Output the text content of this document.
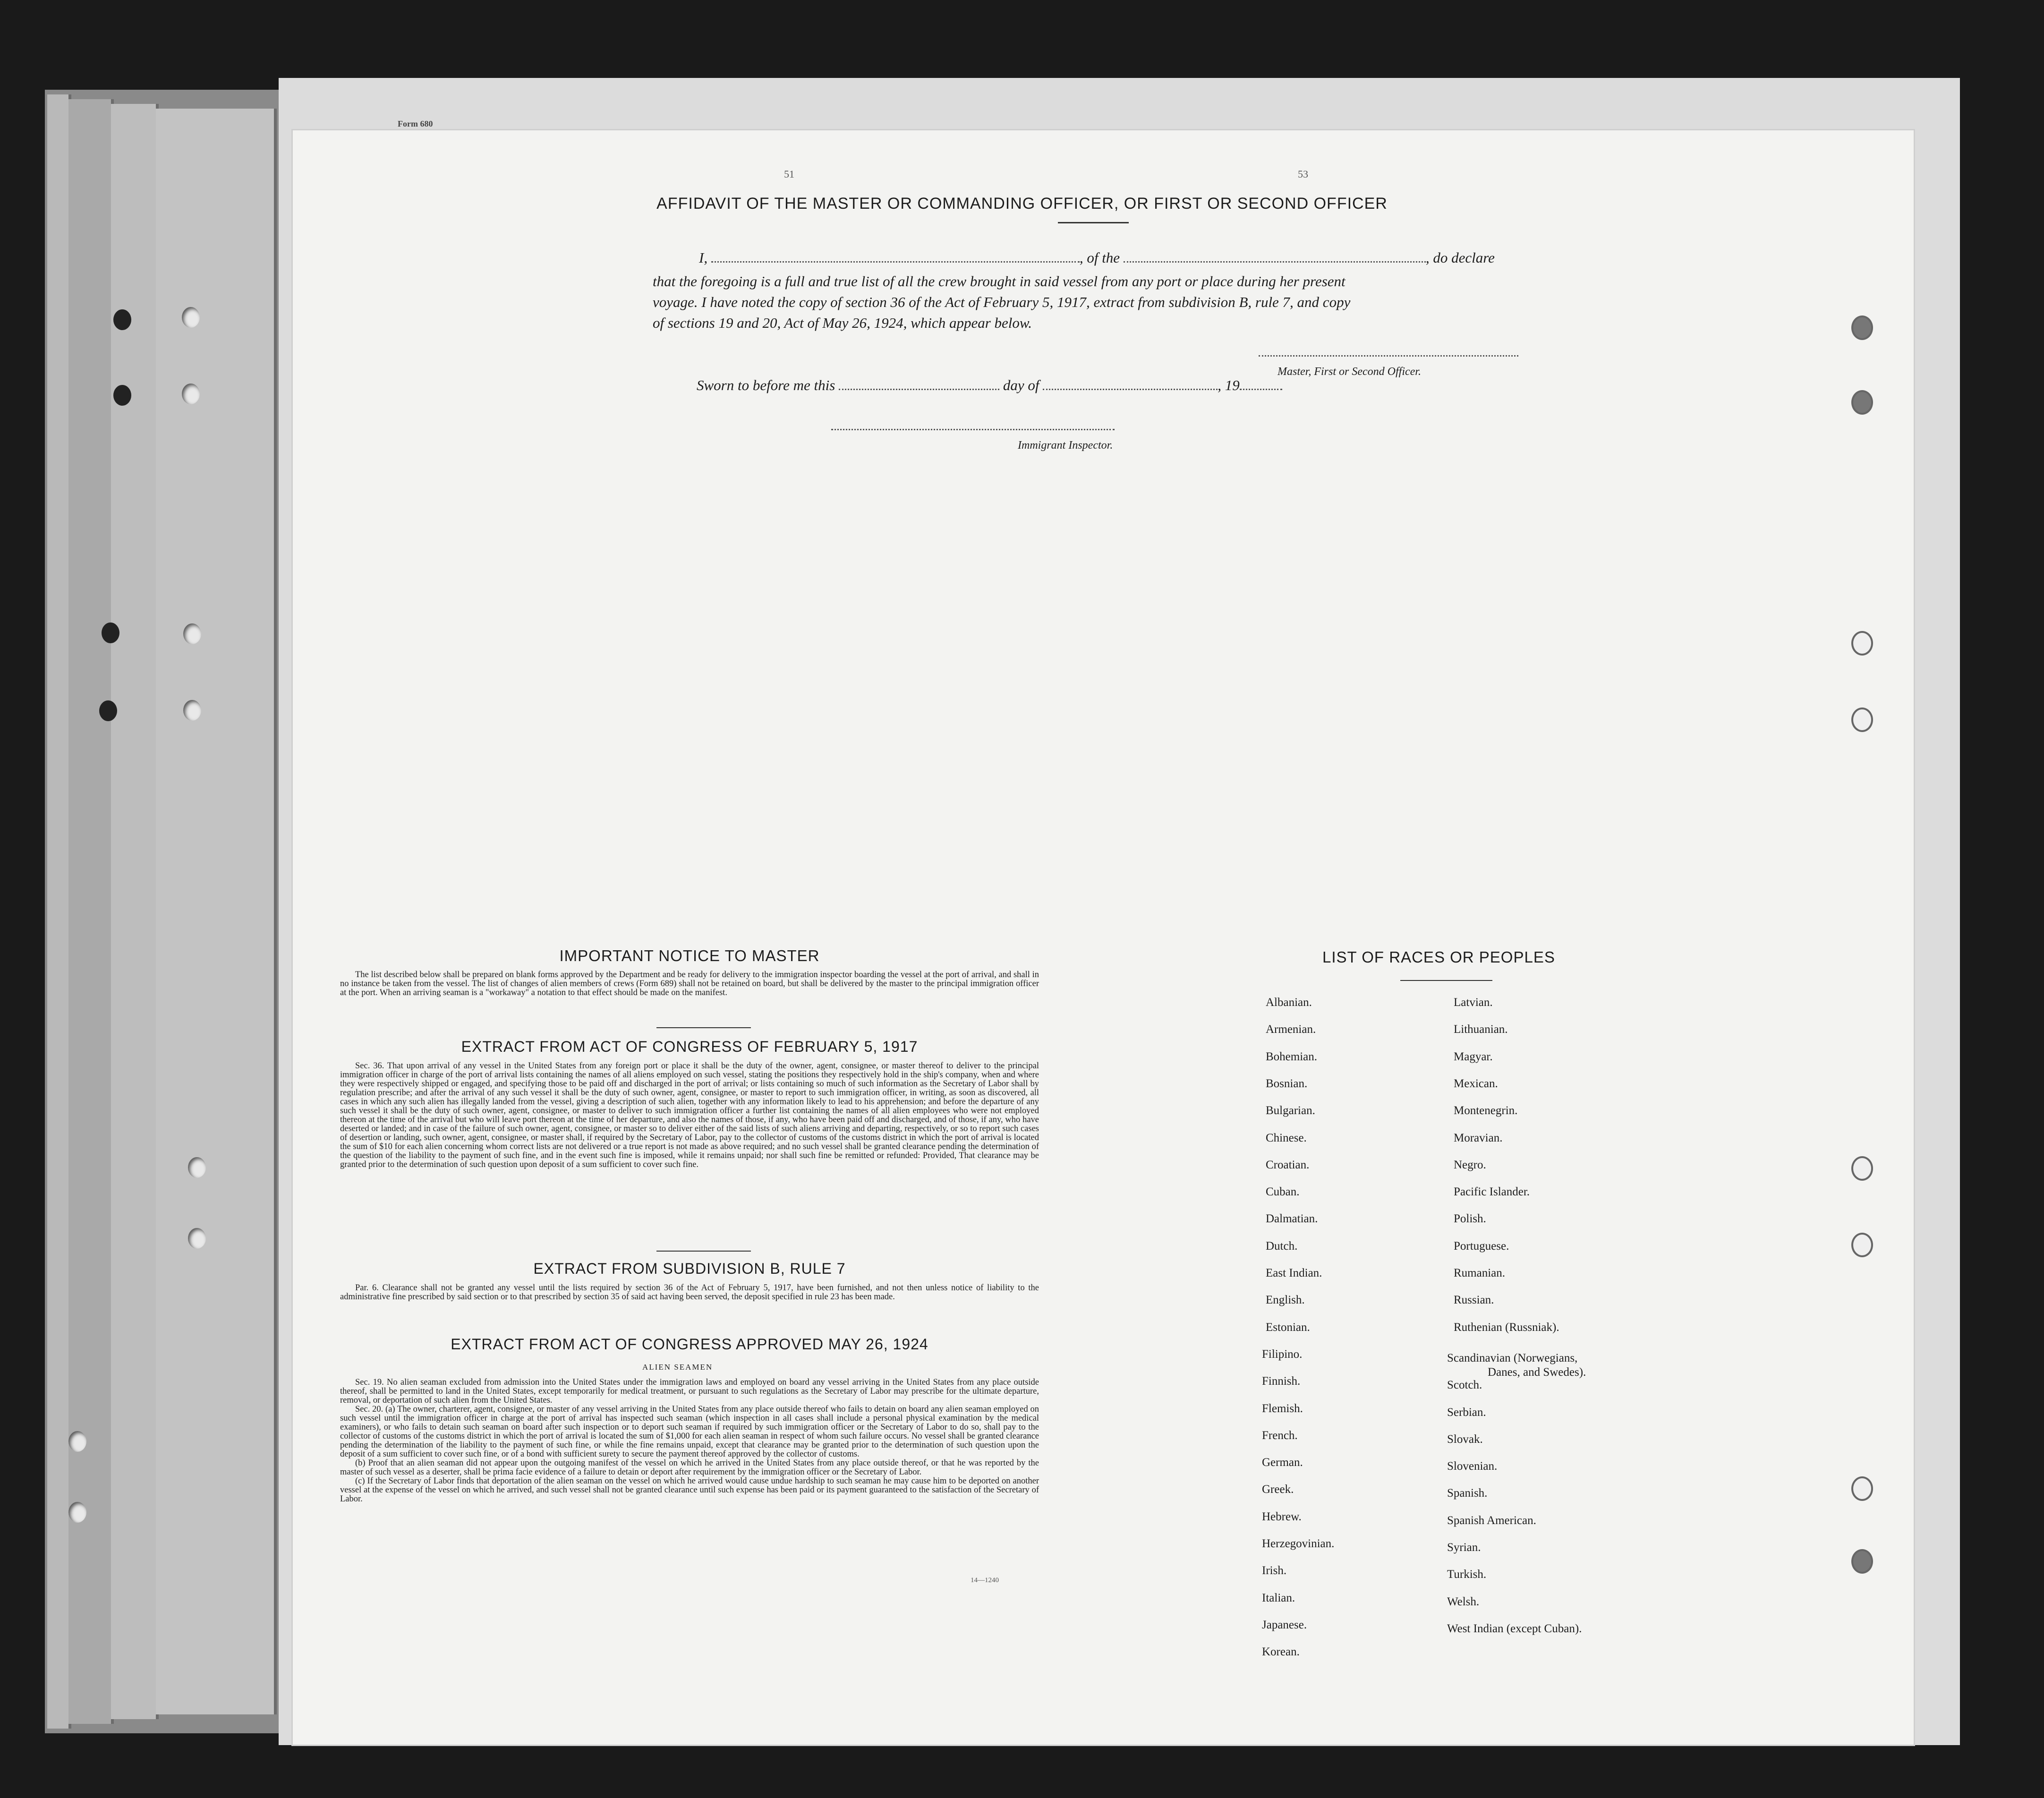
Form 680
51	53
AFFIDAVIT OF THE MASTER OR COMMANDING OFFICER, OR FIRST OR SECOND OFFICER
I,	, of the	, do declare
that the foregoing is a full and true list of all the crew brought in said vessel from any port or place during her present
voyage. I have noted the copy of section 36 of the Act of February 5, 1917, extract from subdivision B, rule 7, and copy
of sections 19 and 20, Act of May 26, 1924, which appear below.
Master, First or Second Officer.
Sworn to before me this	day of	, 19
Immigrant Inspector.
IMPORTANT NOTICE TO MASTER

The list described below shall be prepared on blank forms approved by the Department and be ready for delivery to the immigration inspector boarding the vessel at the port of arrival, and shall in no instance be taken from the vessel. The list of changes of alien members of crews (Form 689) shall not be retained on board, but shall be delivered by the master to the principal immigration officer at the port. When an arriving seaman is a "workaway" a notation to that effect should be made on the manifest.

EXTRACT FROM ACT OF CONGRESS OF FEBRUARY 5, 1917

Sec. 36. That upon arrival of any vessel in the United States from any foreign port or place it shall be the duty of the owner, agent, consignee, or master thereof to deliver to the principal immigration officer in charge of the port of arrival lists containing the names of all aliens employed on such vessel, stating the positions they respectively hold in the ship's company, when and where they were respectively shipped or engaged, and specifying those to be paid off and discharged in the port of arrival; or lists containing so much of such information as the Secretary of Labor shall by regulation prescribe; and after the arrival of any such vessel it shall be the duty of such owner, agent, consignee, or master to report to such immigration officer, in writing, as soon as discovered, all cases in which any such alien has illegally landed from the vessel, giving a description of such alien, together with any information likely to lead to his apprehension; and before the departure of any such vessel it shall be the duty of such owner, agent, consignee, or master to deliver to such immigration officer a further list containing the names of all alien employees who were not employed thereon at the time of the arrival but who will leave port thereon at the time of her departure, and also the names of those, if any, who have been paid off and discharged, and of those, if any, who have deserted or landed; and in case of the failure of such owner, agent, consignee, or master so to deliver either of the said lists of such aliens arriving and departing, respectively, or so to report such cases of desertion or landing, such owner, agent, consignee, or master shall, if required by the Secretary of Labor, pay to the collector of customs of the customs district in which the port of arrival is located the sum of $10 for each alien concerning whom correct lists are not delivered or a true report is not made as above required; and no such vessel shall be granted clearance pending the determination of the question of the liability to the payment of such fine, and in the event such fine is imposed, while it remains unpaid; nor shall such fine be remitted or refunded: Provided, That clearance may be granted prior to the determination of such question upon deposit of a sum sufficient to cover such fine.

EXTRACT FROM SUBDIVISION B, RULE 7

Par. 6. Clearance shall not be granted any vessel until the lists required by section 36 of the Act of February 5, 1917, have been furnished, and not then unless notice of liability to the administrative fine prescribed by said section or to that prescribed by section 35 of said act having been served, the deposit specified in rule 23 has been made.

EXTRACT FROM ACT OF CONGRESS APPROVED MAY 26, 1924
ALIEN SEAMEN

Sec. 19. No alien seaman excluded from admission into the United States under the immigration laws and employed on board any vessel arriving in the United States from any place outside thereof, shall be permitted to land in the United States, except temporarily for medical treatment, or pursuant to such regulations as the Secretary of Labor may prescribe for the ultimate departure, removal, or deportation of such alien from the United States.

Sec. 20. (a) The owner, charterer, agent, consignee, or master of any vessel arriving in the United States from any place outside thereof who fails to detain on board any alien seaman employed on such vessel until the immigration officer in charge at the port of arrival has inspected such seaman (which inspection in all cases shall include a personal physical examination by the medical examiners), or who fails to detain such seaman on board after such inspection or to deport such seaman if required by such immigration officer or the Secretary of Labor to do so, shall pay to the collector of customs of the customs district in which the port of arrival is located the sum of $1,000 for each alien seaman in respect of whom such failure occurs. No vessel shall be granted clearance pending the determination of the liability to the payment of such fine, or while the fine remains unpaid, except that clearance may be granted prior to the determination of such question upon the deposit of a sum sufficient to cover such fine, or of a bond with sufficient surety to secure the payment thereof approved by the collector of customs.

(b) Proof that an alien seaman did not appear upon the outgoing manifest of the vessel on which he arrived in the United States from any place outside thereof, or that he was reported by the master of such vessel as a deserter, shall be prima facie evidence of a failure to detain or deport after requirement by the immigration officer or the Secretary of Labor.

(c) If the Secretary of Labor finds that deportation of the alien seaman on the vessel on which he arrived would cause undue hardship to such seaman he may cause him to be deported on another vessel at the expense of the vessel on which he arrived, and such vessel shall not be granted clearance until such expense has been paid or its payment guaranteed to the satisfaction of the Secretary of Labor.

14—1240
LIST OF RACES OR PEOPLES
Albanian.
Armenian.
Bohemian.
Bosnian.
Bulgarian.
Chinese.
Croatian.
Cuban.
Dalmatian.
Dutch.
East Indian.
English.
Estonian.
Filipino.
Finnish.
Flemish.
French.
German.
Greek.
Hebrew.
Herzegovinian.
Irish.
Italian.
Japanese.
Korean.
Latvian.
Lithuanian.
Magyar.
Mexican.
Montenegrin.
Moravian.
Negro.
Pacific Islander.
Polish.
Portuguese.
Rumanian.
Russian.
Ruthenian (Russniak).
Scandinavian (Norwegians,
Danes, and Swedes).
Scotch.
Serbian.
Slovak.
Slovenian.
Spanish.
Spanish American.
Syrian.
Turkish.
Welsh.
West Indian (except Cuban).
